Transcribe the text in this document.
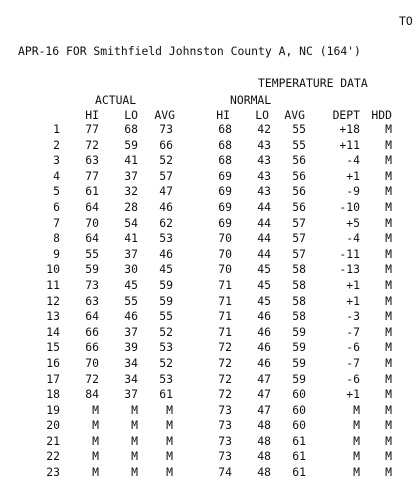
TO
APR-16 FOR Smithfield Johnston County A, NC (164')
TEMPERATURE DATA
ACTUAL	NORMAL
HI	LO	AVG	HI	LO	AVG	DEPT	HDD
1 77 68 73	68 42 55	+18 M
2 72 59 66	68 43 55	+11 M
3 63 41 52	68 43 56	-4 M
4 77 37 57	69 43 56	+1 M
5 61 32 47	69 43 56	-9 M
6 64 28 46	69 44 56	-10 M
7 70 54 62	69 44 57	+5 M
8 64 41 53	70 44 57	-4 M
9 55 37 46	70 44 57	-11 M
10 59 30 45	70 45 58	-13 M
11 73 45 59	71 45 58	+1 M
12 63 55 59	71 45 58	+1 M
13 64 46 55	71 46 58	-3 M
14 66 37 52	71 46 59	-7 M
15 66 39 53	72 46 59	-6 M
16 70 34 52	72 46 59	-7 M
17 72 34 53	72 47 59	-6 M
18 84 37 61	72 47 60	+1 M
19	M	M M	73 47 60	M M
20	M	M M	73 48 60	M M
21	M	M M	73 48 61	M M
22	M	M M	73 48 61	M M
23	M	M M	74 48 61	M M
